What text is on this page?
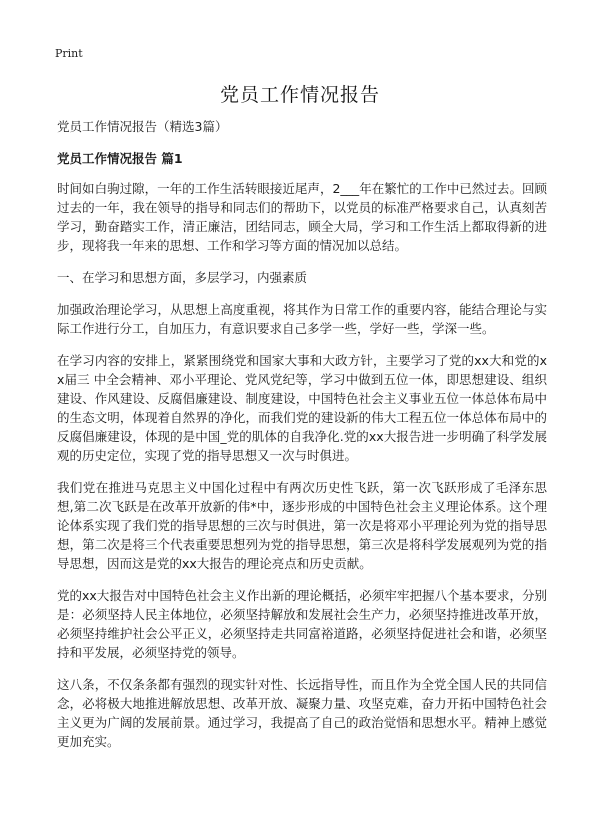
Print
党员工作情况报告
党员工作情况报告（精选3篇）
党员工作情况报告 篇1

时间如白驹过隙，一年的工作生活转眼接近尾声，2___年在繁忙的工作中已然过去。回顾过去的一年，我在领导的指导和同志们的帮助下，以党员的标准严格要求自己，认真刻苦学习，勤奋踏实工作，清正廉洁，团结同志，顾全大局，学习和工作生活上都取得新的进步，现将我一年来的思想、工作和学习等方面的情况加以总结。

一、在学习和思想方面，多层学习，内强素质

加强政治理论学习，从思想上高度重视，将其作为日常工作的重要内容，能结合理论与实际工作进行分工，自加压力，有意识要求自己多学一些，学好一些，学深一些。

在学习内容的安排上，紧紧围绕党和国家大事和大政方针，主要学习了党的xx大和党的xx届三 中全会精神、邓小平理论、党风党纪等，学习中做到五位一体，即思想建设、组织建设、作风建设、反腐倡廉建设、制度建设，中国特色社会主义事业五位一体总体布局中的生态文明，体现着自然界的净化，而我们党的建设新的伟大工程五位一体总体布局中的反腐倡廉建设，体现的是中国_党的肌体的自我净化.党的xx大报告进一步明确了科学发展观的历史定位，实现了党的指导思想又一次与时俱进。

我们党在推进马克思主义中国化过程中有两次历史性飞跃，第一次飞跃形成了毛泽东思想,第二次飞跃是在改革开放新的伟*中，逐步形成的中国特色社会主义理论体系。这个理论体系实现了我们党的指导思想的三次与时俱进，第一次是将邓小平理论列为党的指导思想，第二次是将三个代表重要思想列为党的指导思想，第三次是将科学发展观列为党的指导思想，因而这是党的xx大报告的理论亮点和历史贡献。

党的xx大报告对中国特色社会主义作出新的理论概括，必须牢牢把握八个基本要求，分别是：必须坚持人民主体地位，必须坚持解放和发展社会生产力，必须坚持推进改革开放，必须坚持维护社会公平正义，必须坚持走共同富裕道路，必须坚持促进社会和谐，必须坚持和平发展，必须坚持党的领导。

这八条，不仅条条都有强烈的现实针对性、长远指导性，而且作为全党全国人民的共同信念，必将极大地推进解放思想、改革开放、凝聚力量、攻坚克难，奋力开拓中国特色社会主义更为广阔的发展前景。通过学习，我提高了自己的政治觉悟和思想水平。精神上感觉更加充实。
